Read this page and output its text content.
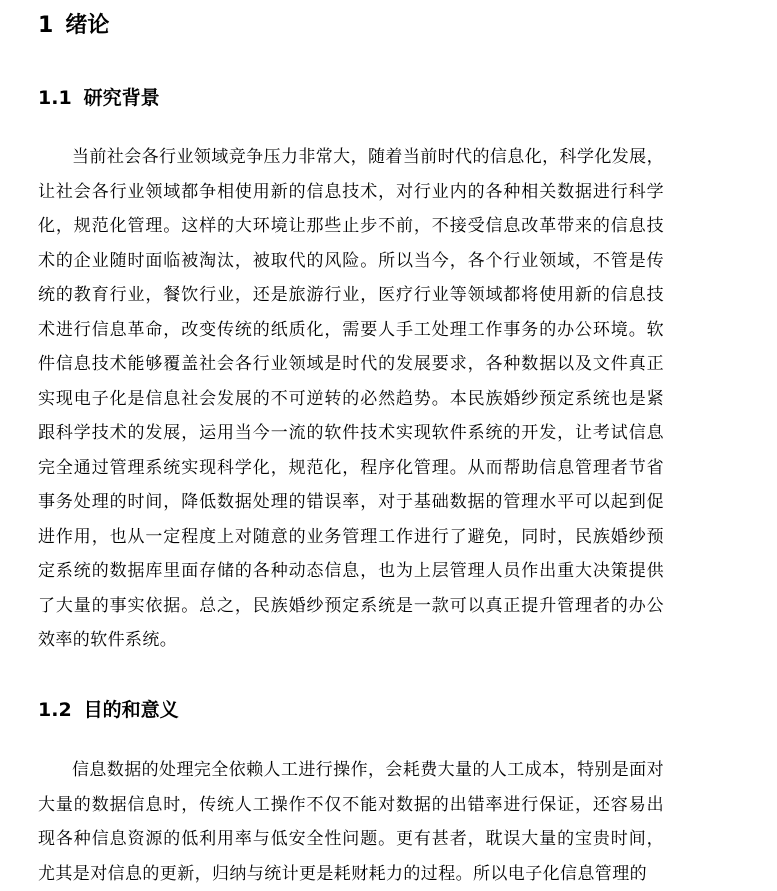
1 绪论
1.1 研究背景

当前社会各行业领域竞争压力非常大，随着当前时代的信息化，科学化发展，让社会各行业领域都争相使用新的信息技术，对行业内的各种相关数据进行科学化，规范化管理。这样的大环境让那些止步不前，不接受信息改革带来的信息技术的企业随时面临被淘汰，被取代的风险。所以当今，各个行业领域，不管是传统的教育行业，餐饮行业，还是旅游行业，医疗行业等领域都将使用新的信息技术进行信息革命，改变传统的纸质化，需要人手工处理工作事务的办公环境。软件信息技术能够覆盖社会各行业领域是时代的发展要求，各种数据以及文件真正实现电子化是信息社会发展的不可逆转的必然趋势。本民族婚纱预定系统也是紧跟科学技术的发展，运用当今一流的软件技术实现软件系统的开发，让考试信息完全通过管理系统实现科学化，规范化，程序化管理。从而帮助信息管理者节省事务处理的时间，降低数据处理的错误率，对于基础数据的管理水平可以起到促进作用，也从一定程度上对随意的业务管理工作进行了避免，同时，民族婚纱预定系统的数据库里面存储的各种动态信息，也为上层管理人员作出重大决策提供了大量的事实依据。总之，民族婚纱预定系统是一款可以真正提升管理者的办公效率的软件系统。

1.2 目的和意义

信息数据的处理完全依赖人工进行操作，会耗费大量的人工成本，特别是面对大量的数据信息时，传统人工操作不仅不能对数据的出错率进行保证，还容易出现各种信息资源的低利用率与低安全性问题。更有甚者，耽误大量的宝贵时间，尤其是对信息的更新，归纳与统计更是耗财耗力的过程。所以电子化信息管理的
